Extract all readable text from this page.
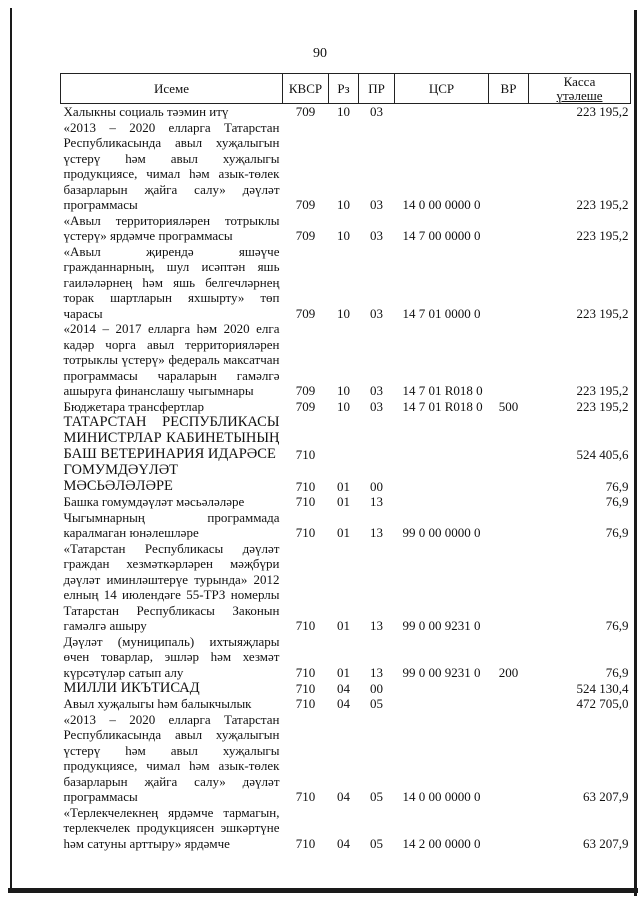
90
Исеме	КВСР	Рз	ПР	ЦСР	ВР	Касса
үтәлеше
Халыкны социаль тәэмин итү	709	10	03			223 195,2
«2013 – 2020 елларга Татарстан Республикасында авыл хуҗалыгын үстерү һәм авыл хуҗалыгы продукциясе, чимал һәм азык-төлек базарларын җайга салу» дәүләт программасы	709	10	03	14 0 00 0000 0		223 195,2
«Авыл территорияләрен тотрыклы үстерү» ярдәмче программасы	709	10	03	14 7 00 0000 0		223 195,2
«Авыл җирендә яшәүче гражданнарның, шул исәптән яшь гаиләләрнең һәм яшь белгечләрнең торак шартларын яхшырту» төп чарасы	709	10	03	14 7 01 0000 0		223 195,2
«2014 – 2017 елларга һәм 2020 елга кадәр чорга авыл территорияләрен тотрыклы үстерү» федераль максатчан программасы чараларын гамәлгә ашыруга финанслашу чыгымнары	709	10	03	14 7 01 R018 0		223 195,2
Бюджетара трансфертлар	709	10	03	14 7 01 R018 0	500	223 195,2
ТАТАРСТАН РЕСПУБЛИКАСЫ МИНИСТРЛАР КАБИНЕТЫНЫҢ БАШ ВЕТЕРИНАРИЯ ИДАРӘСЕ	710					524 405,6
ГОМУМДӘҮЛӘТ МӘСЬӘЛӘЛӘРЕ	710	01	00			76,9
Башка гомумдәүләт мәсьәләләре	710	01	13			76,9
Чыгымнарның программада каралмаган юнәлешләре	710	01	13	99 0 00 0000 0		76,9
«Татарстан Республикасы дәүләт граждан хезмәткәрләрен мәҗбүри дәүләт иминләштерүе турында» 2012 елның 14 июлендәге 55-ТРЗ номерлы Татарстан Республикасы Законын гамәлгә ашыру	710	01	13	99 0 00 9231 0		76,9
Дәүләт (муниципаль) ихтыяҗлары өчен товарлар, эшләр һәм хезмәт күрсәтүләр сатып алу	710	01	13	99 0 00 9231 0	200	76,9
МИЛЛИ ИКЪТИСАД	710	04	00			524 130,4
Авыл хуҗалыгы һәм балыкчылык	710	04	05			472 705,0
«2013 – 2020 елларга Татарстан Республикасында авыл хуҗалыгын үстерү һәм авыл хуҗалыгы продукциясе, чимал һәм азык-төлек базарларын җайга салу» дәүләт программасы	710	04	05	14 0 00 0000 0		63 207,9
«Терлекчелекнең ярдәмче тармагын, терлекчелек продукциясен эшкәртүне һәм сатуны арттыру» ярдәмче	710	04	05	14 2 00 0000 0		63 207,9
